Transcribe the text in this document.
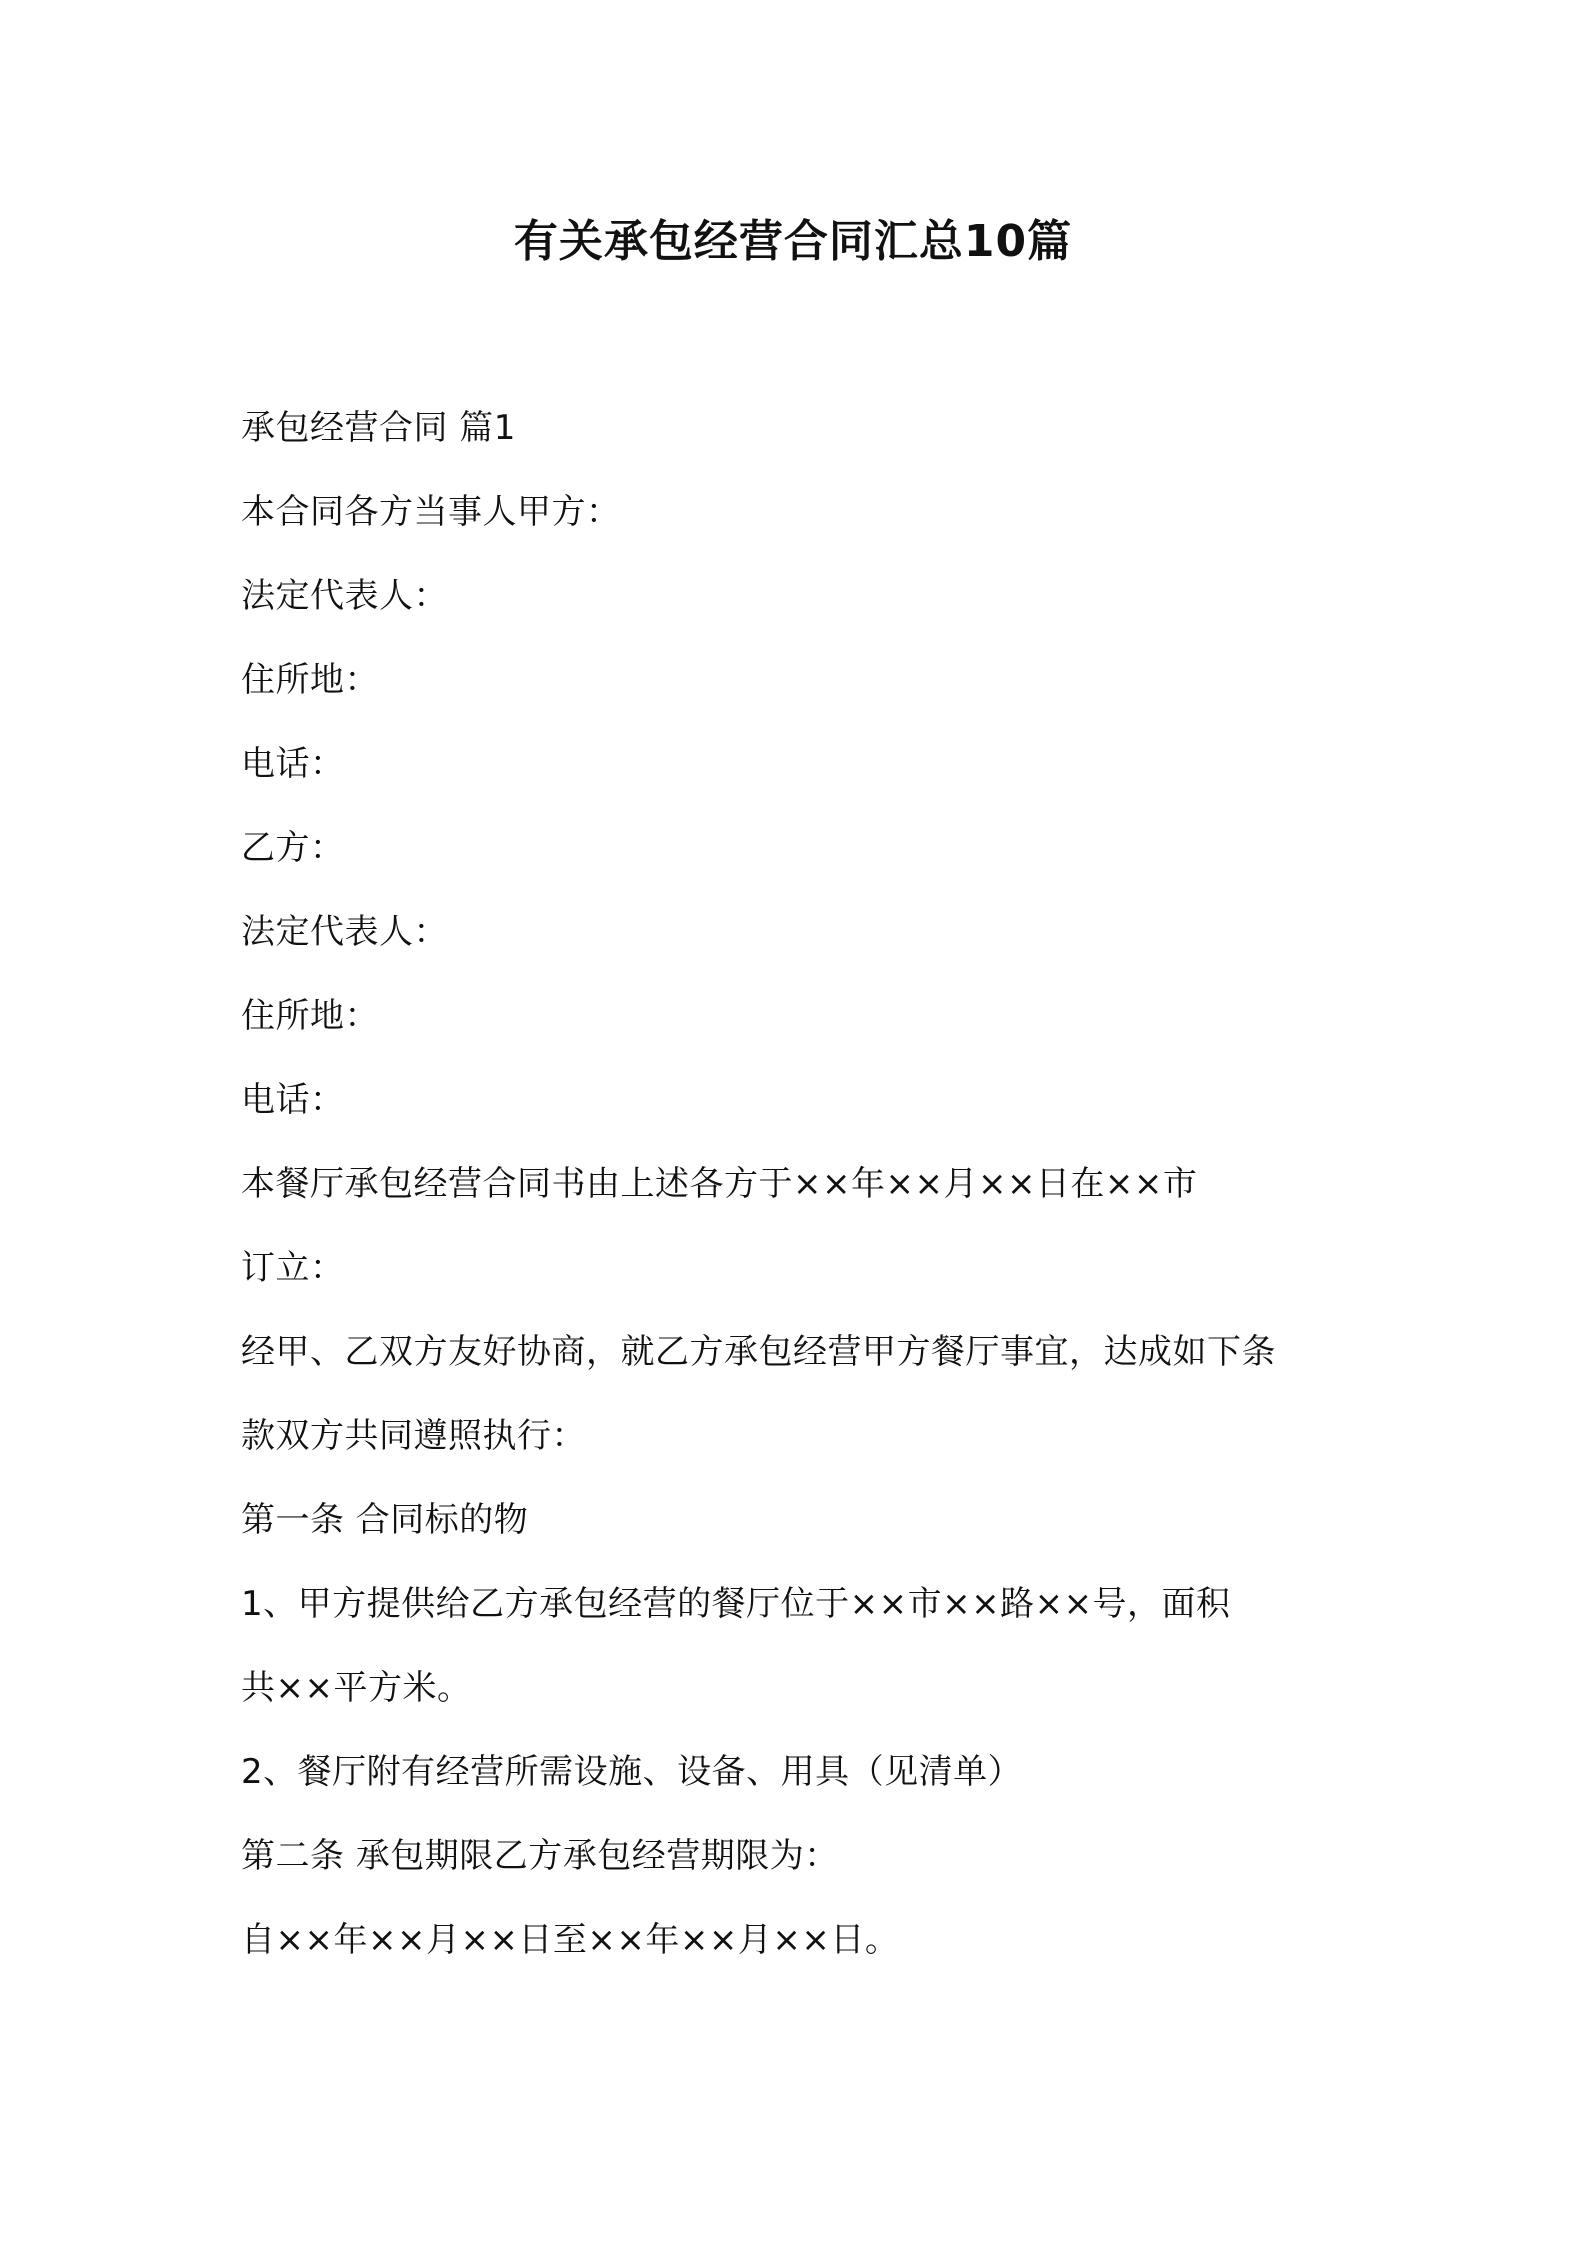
有关承包经营合同汇总10篇
承包经营合同 篇1
本合同各方当事人甲方：
法定代表人：
住所地：
电话：
乙方：
法定代表人：
住所地：
电话：
本餐厅承包经营合同书由上述各方于××年××月××日在××市
订立：
经甲、乙双方友好协商，就乙方承包经营甲方餐厅事宜，达成如下条
款双方共同遵照执行：
第一条 合同标的物
1、甲方提供给乙方承包经营的餐厅位于××市××路××号，面积
共××平方米。
2、餐厅附有经营所需设施、设备、用具（见清单）
第二条 承包期限乙方承包经营期限为：
自××年××月××日至××年××月××日。
